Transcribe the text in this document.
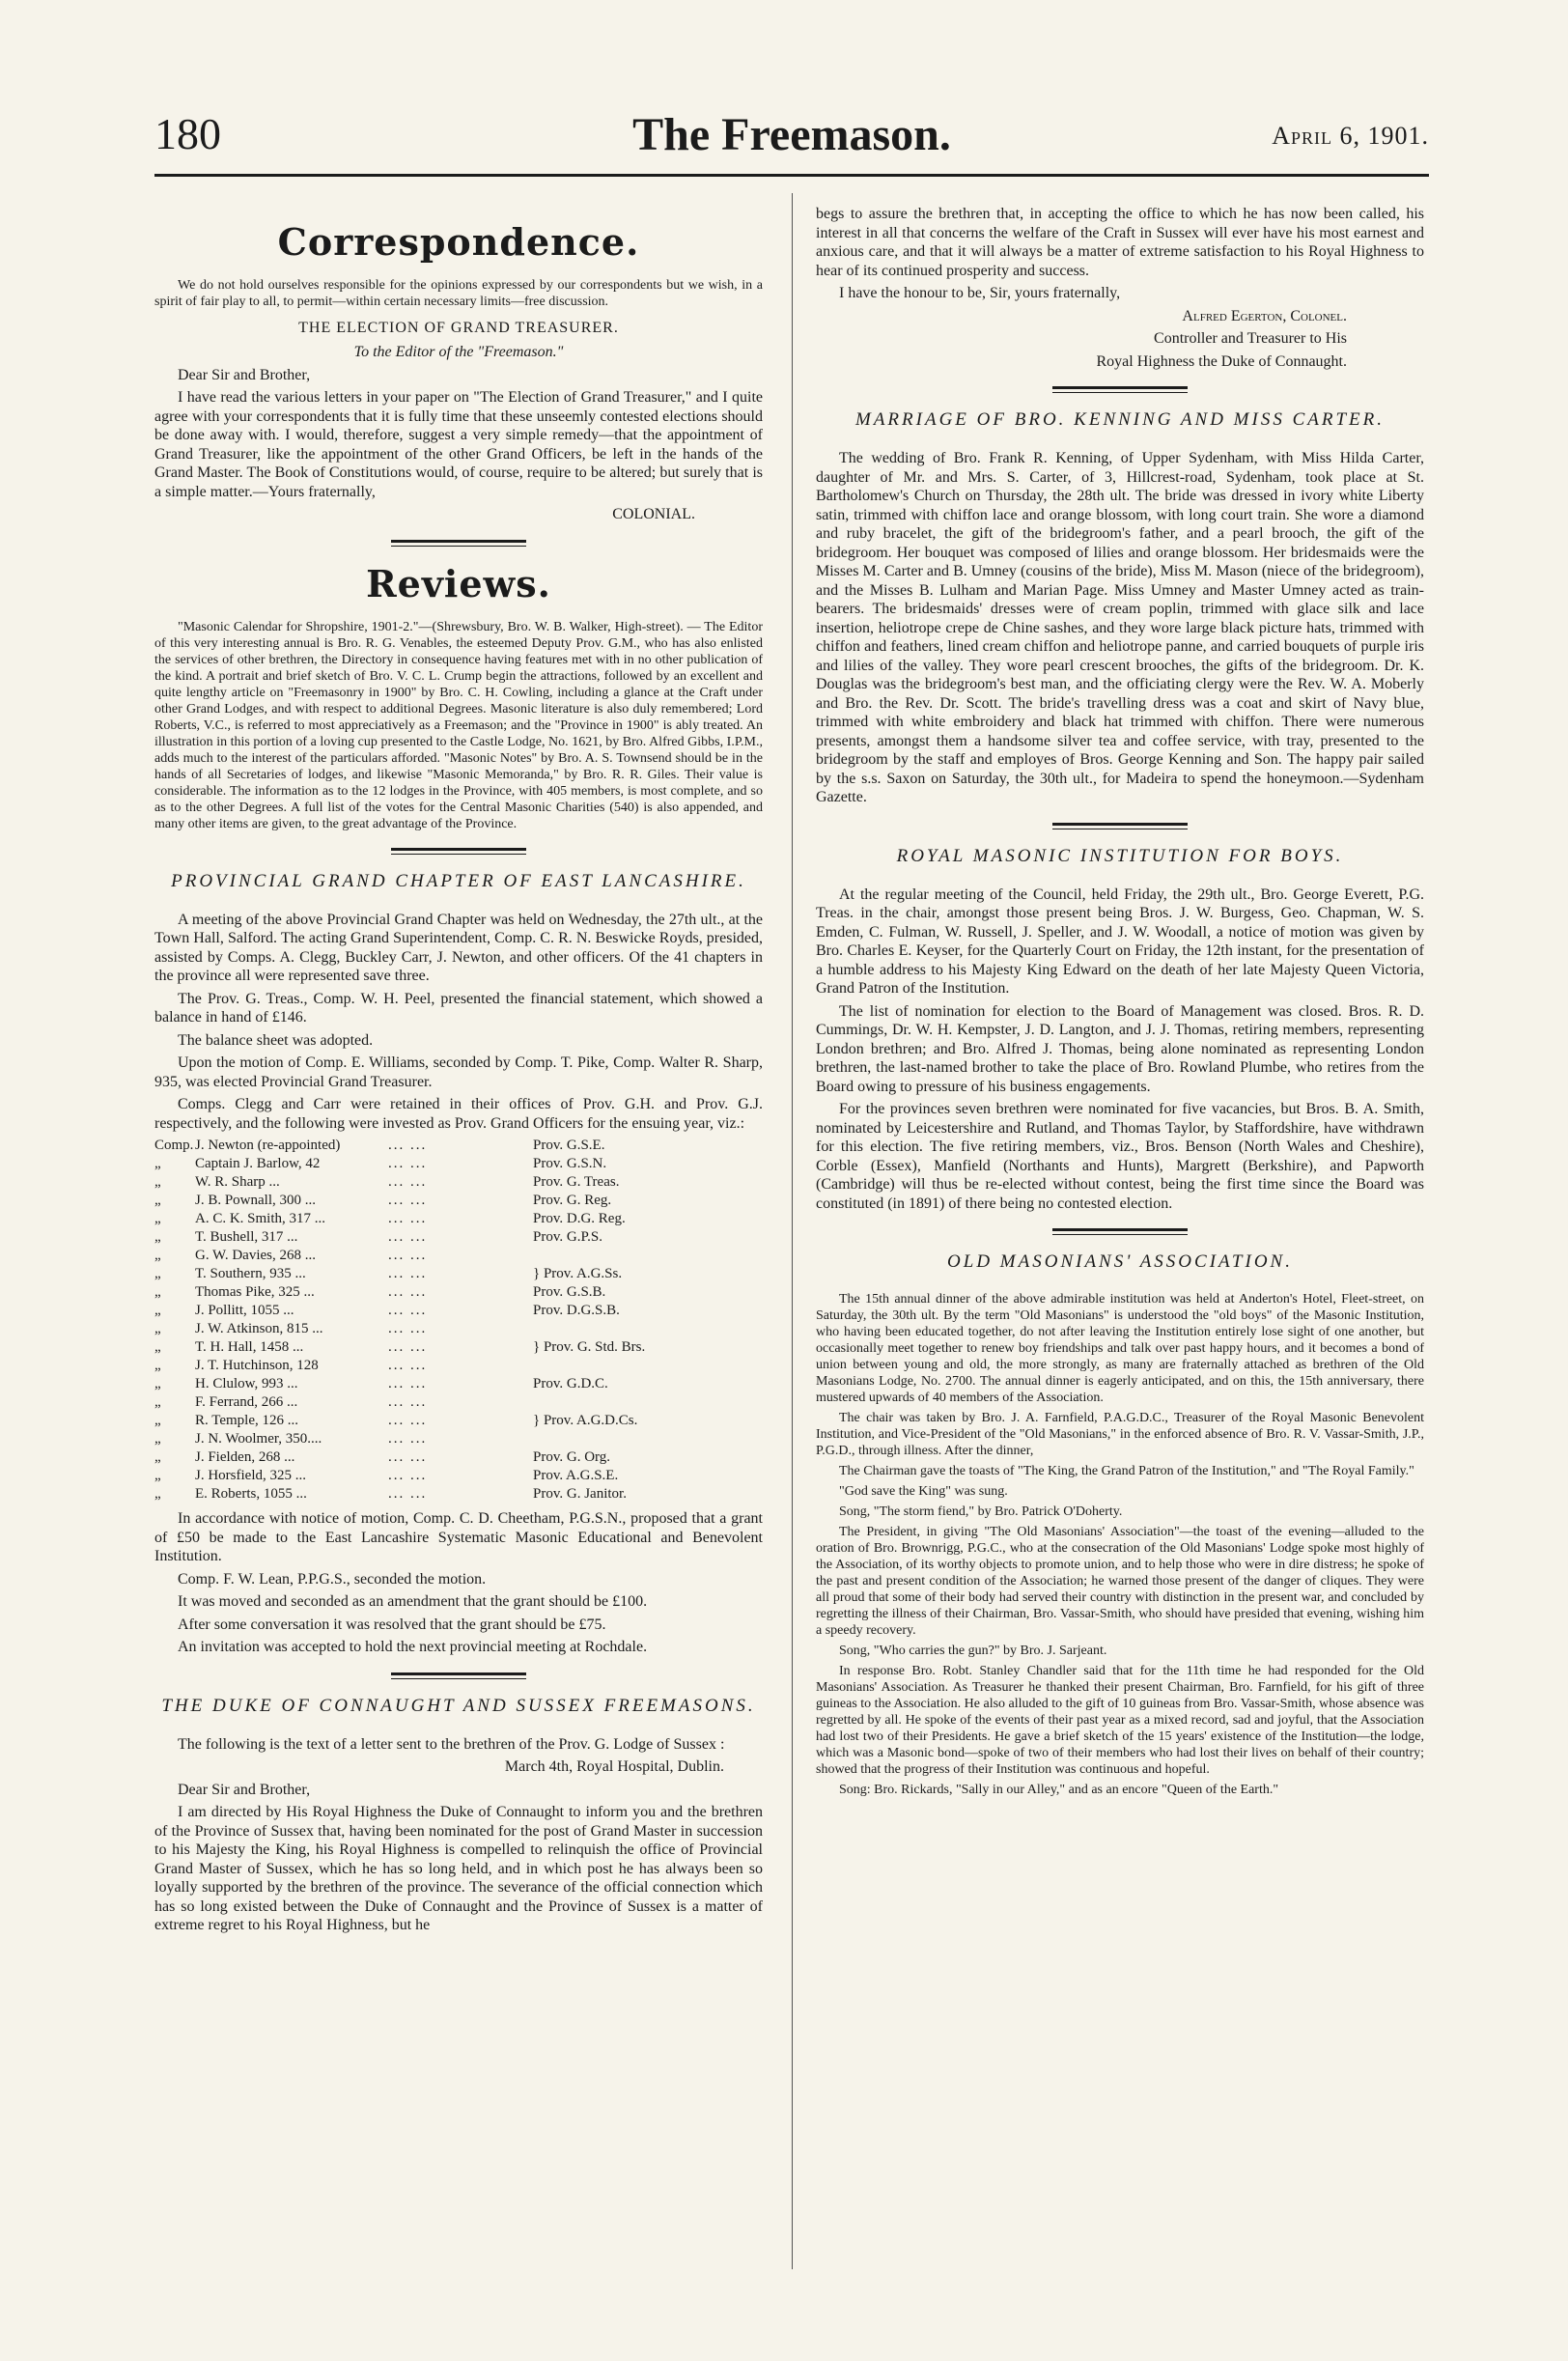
180	The Freemason.	April 6, 1901.
Correspondence.

We do not hold ourselves responsible for the opinions expressed by our correspondents but we wish, in a spirit of fair play to all, to permit—within certain necessary limits—free discussion.

THE ELECTION OF GRAND TREASURER.

To the Editor of the "Freemason."

Dear Sir and Brother,

I have read the various letters in your paper on "The Election of Grand Treasurer," and I quite agree with your correspondents that it is fully time that these unseemly contested elections should be done away with. I would, therefore, suggest a very simple remedy—that the appointment of Grand Treasurer, like the appointment of the other Grand Officers, be left in the hands of the Grand Master. The Book of Constitutions would, of course, require to be altered; but surely that is a simple matter.—Yours fraternally,

COLONIAL.

Reviews.

"Masonic Calendar for Shropshire, 1901-2."—(Shrewsbury, Bro. W. B. Walker, High-street). — The Editor of this very interesting annual is Bro. R. G. Venables, the esteemed Deputy Prov. G.M., who has also enlisted the services of other brethren, the Directory in consequence having features met with in no other publication of the kind. A portrait and brief sketch of Bro. V. C. L. Crump begin the attractions, followed by an excellent and quite lengthy article on "Freemasonry in 1900" by Bro. C. H. Cowling, including a glance at the Craft under other Grand Lodges, and with respect to additional Degrees. Masonic literature is also duly remembered; Lord Roberts, V.C., is referred to most appreciatively as a Freemason; and the "Province in 1900" is ably treated. An illustration in this portion of a loving cup presented to the Castle Lodge, No. 1621, by Bro. Alfred Gibbs, I.P.M., adds much to the interest of the particulars afforded. "Masonic Notes" by Bro. A. S. Townsend should be in the hands of all Secretaries of lodges, and likewise "Masonic Memoranda," by Bro. R. R. Giles. Their value is considerable. The information as to the 12 lodges in the Province, with 405 members, is most complete, and so as to the other Degrees. A full list of the votes for the Central Masonic Charities (540) is also appended, and many other items are given, to the great advantage of the Province.

PROVINCIAL GRAND CHAPTER OF EAST LANCASHIRE.

A meeting of the above Provincial Grand Chapter was held on Wednesday, the 27th ult., at the Town Hall, Salford. The acting Grand Superintendent, Comp. C. R. N. Beswicke Royds, presided, assisted by Comps. A. Clegg, Buckley Carr, J. Newton, and other officers. Of the 41 chapters in the province all were represented save three.

The Prov. G. Treas., Comp. W. H. Peel, presented the financial statement, which showed a balance in hand of £146.

The balance sheet was adopted.

Upon the motion of Comp. E. Williams, seconded by Comp. T. Pike, Comp. Walter R. Sharp, 935, was elected Provincial Grand Treasurer.

Comps. Clegg and Carr were retained in their offices of Prov. G.H. and Prov. G.J. respectively, and the following were invested as Prov. Grand Officers for the ensuing year, viz.:

Comp. J. Newton (re-appointed)	... ...	Prov. G.S.E.
„	Captain J. Barlow, 42	... ...	Prov. G.S.N.
„	W. R. Sharp ...	... ...	Prov. G. Treas.
„	J. B. Pownall, 300 ...	... ...	Prov. G. Reg.
„	A. C. K. Smith, 317 ...	... ...	Prov. D.G. Reg.
„	T. Bushell, 317 ...	... ...	Prov. G.P.S.
„	G. W. Davies, 268 ...	... ...
„	T. Southern, 935 ...	... ...	} Prov. A.G.Ss.
„	Thomas Pike, 325 ...	... ...	Prov. G.S.B.
„	J. Pollitt, 1055 ...	... ...	Prov. D.G.S.B.
„	J. W. Atkinson, 815 ...	... ...
„	T. H. Hall, 1458 ...	... ...	} Prov. G. Std. Brs.
„	J. T. Hutchinson, 128	... ...
„	H. Clulow, 993 ...	... ...	Prov. G.D.C.
„	F. Ferrand, 266 ...	... ...
„	R. Temple, 126 ...	... ...	} Prov. A.G.D.Cs.
„	J. N. Woolmer, 350....	... ...
„	J. Fielden, 268 ...	... ...	Prov. G. Org.
„	J. Horsfield, 325 ...	... ...	Prov. A.G.S.E.
„	E. Roberts, 1055 ...	... ...	Prov. G. Janitor.

In accordance with notice of motion, Comp. C. D. Cheetham, P.G.S.N., proposed that a grant of £50 be made to the East Lancashire Systematic Masonic Educational and Benevolent Institution.

Comp. F. W. Lean, P.P.G.S., seconded the motion.

It was moved and seconded as an amendment that the grant should be £100.

After some conversation it was resolved that the grant should be £75.

An invitation was accepted to hold the next provincial meeting at Rochdale.

THE DUKE OF CONNAUGHT AND SUSSEX FREEMASONS.

The following is the text of a letter sent to the brethren of the Prov. G. Lodge of Sussex :

March 4th, Royal Hospital, Dublin.

Dear Sir and Brother,

I am directed by His Royal Highness the Duke of Connaught to inform you and the brethren of the Province of Sussex that, having been nominated for the post of Grand Master in succession to his Majesty the King, his Royal Highness is compelled to relinquish the office of Provincial Grand Master of Sussex, which he has so long held, and in which post he has always been so loyally supported by the brethren of the province. The severance of the official connection which has so long existed between the Duke of Connaught and the Province of Sussex is a matter of extreme regret to his Royal Highness, but he

begs to assure the brethren that, in accepting the office to which he has now been called, his interest in all that concerns the welfare of the Craft in Sussex will ever have his most earnest and anxious care, and that it will always be a matter of extreme satisfaction to his Royal Highness to hear of its continued prosperity and success.

I have the honour to be, Sir, yours fraternally,

Alfred Egerton, Colonel.

Controller and Treasurer to His

Royal Highness the Duke of Connaught.

MARRIAGE OF BRO. KENNING AND MISS CARTER.

The wedding of Bro. Frank R. Kenning, of Upper Sydenham, with Miss Hilda Carter, daughter of Mr. and Mrs. S. Carter, of 3, Hillcrest-road, Sydenham, took place at St. Bartholomew's Church on Thursday, the 28th ult. The bride was dressed in ivory white Liberty satin, trimmed with chiffon lace and orange blossom, with long court train. She wore a diamond and ruby bracelet, the gift of the bridegroom's father, and a pearl brooch, the gift of the bridegroom. Her bouquet was composed of lilies and orange blossom. Her bridesmaids were the Misses M. Carter and B. Umney (cousins of the bride), Miss M. Mason (niece of the bridegroom), and the Misses B. Lulham and Marian Page. Miss Umney and Master Umney acted as train-bearers. The bridesmaids' dresses were of cream poplin, trimmed with glace silk and lace insertion, heliotrope crepe de Chine sashes, and they wore large black picture hats, trimmed with chiffon and feathers, lined cream chiffon and heliotrope panne, and carried bouquets of purple iris and lilies of the valley. They wore pearl crescent brooches, the gifts of the bridegroom. Dr. K. Douglas was the bridegroom's best man, and the officiating clergy were the Rev. W. A. Moberly and Bro. the Rev. Dr. Scott. The bride's travelling dress was a coat and skirt of Navy blue, trimmed with white embroidery and black hat trimmed with chiffon. There were numerous presents, amongst them a handsome silver tea and coffee service, with tray, presented to the bridegroom by the staff and employes of Bros. George Kenning and Son. The happy pair sailed by the s.s. Saxon on Saturday, the 30th ult., for Madeira to spend the honeymoon.—Sydenham Gazette.

ROYAL MASONIC INSTITUTION FOR BOYS.

At the regular meeting of the Council, held Friday, the 29th ult., Bro. George Everett, P.G. Treas. in the chair, amongst those present being Bros. J. W. Burgess, Geo. Chapman, W. S. Emden, C. Fulman, W. Russell, J. Speller, and J. W. Woodall, a notice of motion was given by Bro. Charles E. Keyser, for the Quarterly Court on Friday, the 12th instant, for the presentation of a humble address to his Majesty King Edward on the death of her late Majesty Queen Victoria, Grand Patron of the Institution.

The list of nomination for election to the Board of Management was closed. Bros. R. D. Cummings, Dr. W. H. Kempster, J. D. Langton, and J. J. Thomas, retiring members, representing London brethren; and Bro. Alfred J. Thomas, being alone nominated as representing London brethren, the last-named brother to take the place of Bro. Rowland Plumbe, who retires from the Board owing to pressure of his business engagements.

For the provinces seven brethren were nominated for five vacancies, but Bros. B. A. Smith, nominated by Leicestershire and Rutland, and Thomas Taylor, by Staffordshire, have withdrawn for this election. The five retiring members, viz., Bros. Benson (North Wales and Cheshire), Corble (Essex), Manfield (Northants and Hunts), Margrett (Berkshire), and Papworth (Cambridge) will thus be re-elected without contest, being the first time since the Board was constituted (in 1891) of there being no contested election.

OLD MASONIANS' ASSOCIATION.

The 15th annual dinner of the above admirable institution was held at Anderton's Hotel, Fleet-street, on Saturday, the 30th ult. By the term "Old Masonians" is understood the "old boys" of the Masonic Institution, who having been educated together, do not after leaving the Institution entirely lose sight of one another, but occasionally meet together to renew boy friendships and talk over past happy hours, and it becomes a bond of union between young and old, the more strongly, as many are fraternally attached as brethren of the Old Masonians Lodge, No. 2700. The annual dinner is eagerly anticipated, and on this, the 15th anniversary, there mustered upwards of 40 members of the Association.

The chair was taken by Bro. J. A. Farnfield, P.A.G.D.C., Treasurer of the Royal Masonic Benevolent Institution, and Vice-President of the "Old Masonians," in the enforced absence of Bro. R. V. Vassar-Smith, J.P., P.G.D., through illness. After the dinner,

The Chairman gave the toasts of "The King, the Grand Patron of the Institution," and "The Royal Family."

"God save the King" was sung.

Song, "The storm fiend," by Bro. Patrick O'Doherty.

The President, in giving "The Old Masonians' Association"—the toast of the evening—alluded to the oration of Bro. Brownrigg, P.G.C., who at the consecration of the Old Masonians' Lodge spoke most highly of the Association, of its worthy objects to promote union, and to help those who were in dire distress; he spoke of the past and present condition of the Association; he warned those present of the danger of cliques. They were all proud that some of their body had served their country with distinction in the present war, and concluded by regretting the illness of their Chairman, Bro. Vassar-Smith, who should have presided that evening, wishing him a speedy recovery.

Song, "Who carries the gun?" by Bro. J. Sarjeant.

In response Bro. Robt. Stanley Chandler said that for the 11th time he had responded for the Old Masonians' Association. As Treasurer he thanked their present Chairman, Bro. Farnfield, for his gift of three guineas to the Association. He also alluded to the gift of 10 guineas from Bro. Vassar-Smith, whose absence was regretted by all. He spoke of the events of their past year as a mixed record, sad and joyful, that the Association had lost two of their Presidents. He gave a brief sketch of the 15 years' existence of the Institution—the lodge, which was a Masonic bond—spoke of two of their members who had lost their lives on behalf of their country; showed that the progress of their Institution was continuous and hopeful.

Song: Bro. Rickards, "Sally in our Alley," and as an encore "Queen of the Earth."
